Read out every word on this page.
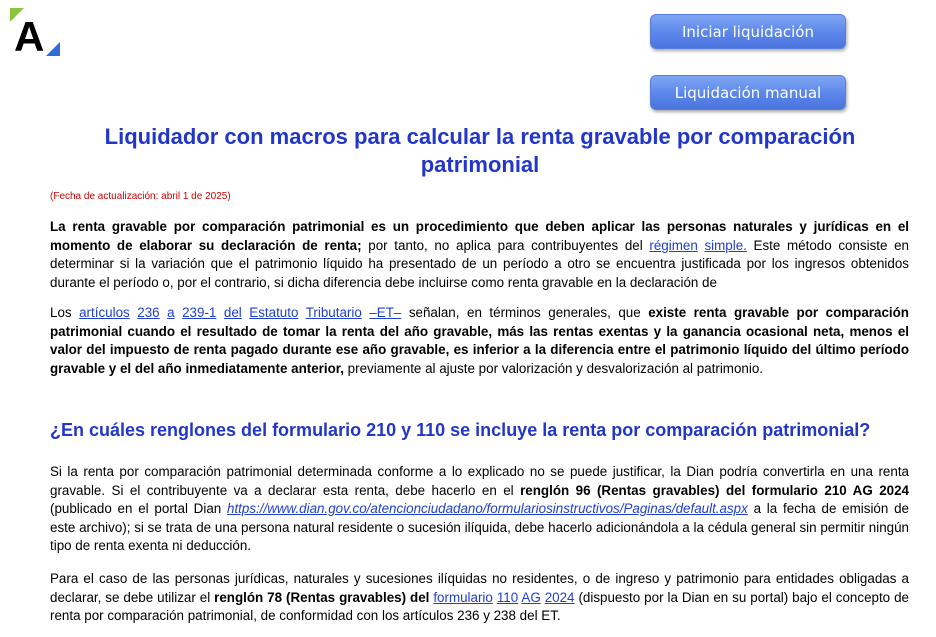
A	Iniciar liquidación
Liquidación manual
Liquidador con macros para calcular la renta gravable por comparación patrimonial
(Fecha de actualización: abril 1 de 2025)

La renta gravable por comparación patrimonial es un procedimiento que deben aplicar las personas naturales y jurídicas en el momento de elaborar su declaración de renta; por tanto, no aplica para contribuyentes del régimen simple. Este método consiste en determinar si la variación que el patrimonio líquido ha presentado de un período a otro se encuentra justificada por los ingresos obtenidos durante el período o, por el contrario, si dicha diferencia debe incluirse como renta gravable en la declaración de

Los artículos 236 a 239-1 del Estatuto Tributario –ET– señalan, en términos generales, que existe renta gravable por comparación patrimonial cuando el resultado de tomar la renta del año gravable, más las rentas exentas y la ganancia ocasional neta, menos el valor del impuesto de renta pagado durante ese año gravable, es inferior a la diferencia entre el patrimonio líquido del último período gravable y el del año inmediatamente anterior, previamente al ajuste por valorización y desvalorización al patrimonio.

¿En cuáles renglones del formulario 210 y 110 se incluye la renta por comparación patrimonial?

Si la renta por comparación patrimonial determinada conforme a lo explicado no se puede justificar, la Dian podría convertirla en una renta gravable. Si el contribuyente va a declarar esta renta, debe hacerlo en el renglón 96 (Rentas gravables) del formulario 210 AG 2024 (publicado en el portal Dian https://www.dian.gov.co/atencionciudadano/formulariosinstructivos/Paginas/default.aspx a la fecha de emisión de este archivo); si se trata de una persona natural residente o sucesión ilíquida, debe hacerlo adicionándola a la cédula general sin permitir ningún tipo de renta exenta ni deducción.

Para el caso de las personas jurídicas, naturales y sucesiones ilíquidas no residentes, o de ingreso y patrimonio para entidades obligadas a declarar, se debe utilizar el renglón 78 (Rentas gravables) del formulario 110 AG 2024 (dispuesto por la Dian en su portal) bajo el concepto de renta por comparación patrimonial, de conformidad con los artículos 236 y 238 del ET.
